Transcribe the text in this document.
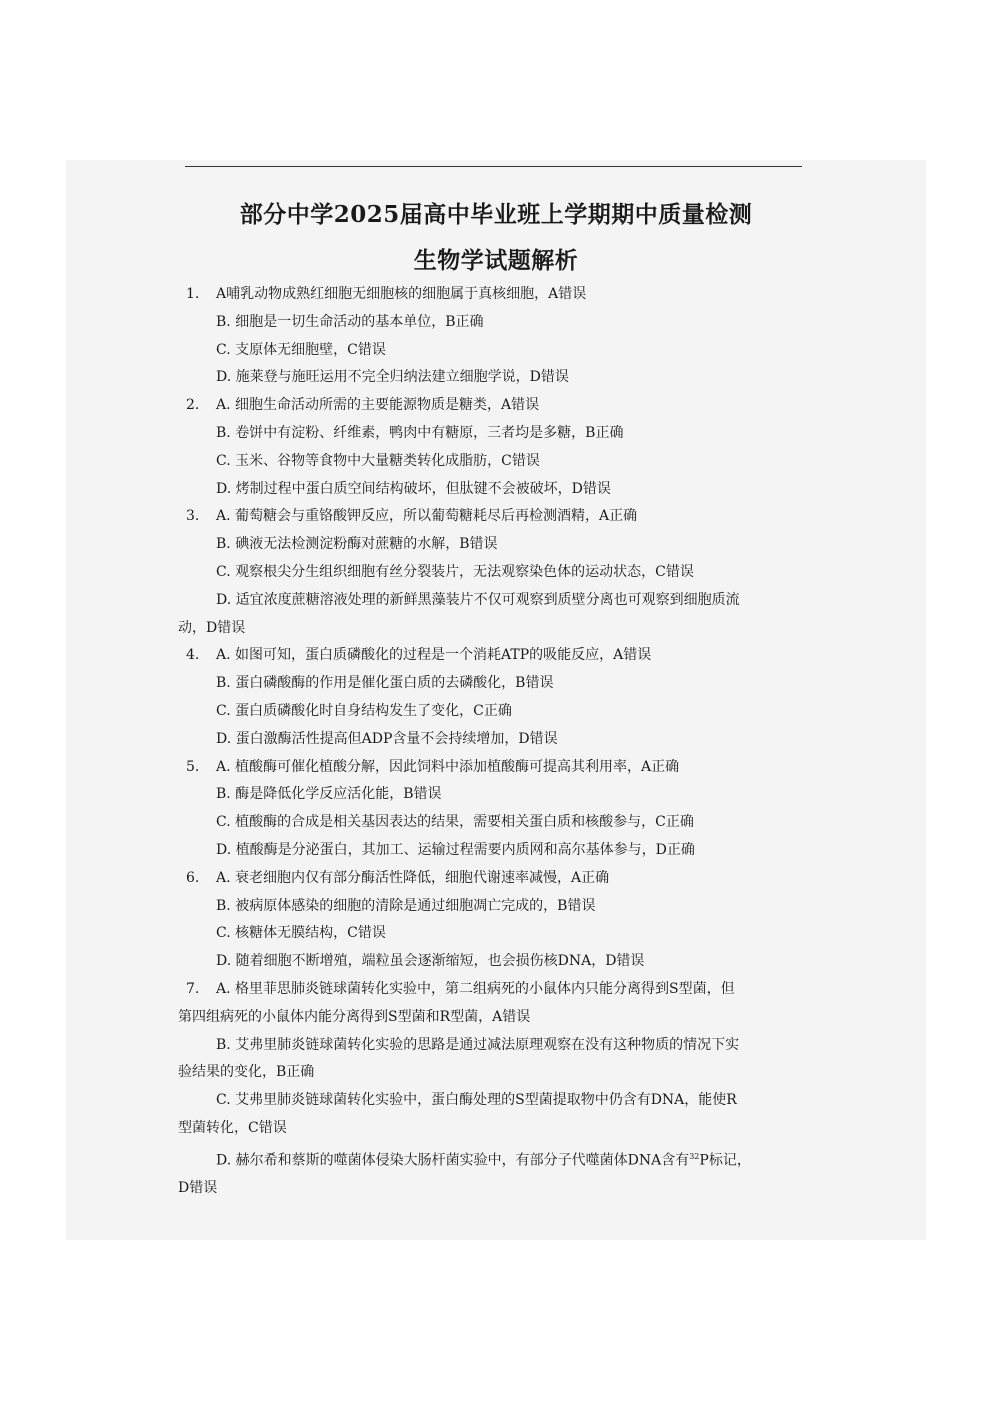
部分中学2025届高中毕业班上学期期中质量检测
生物学试题解析
1.	A哺乳动物成熟红细胞无细胞核的细胞属于真核细胞，A错误
B. 细胞是一切生命活动的基本单位，B正确
C. 支原体无细胞壁，C错误
D. 施莱登与施旺运用不完全归纳法建立细胞学说，D错误
2.	A. 细胞生命活动所需的主要能源物质是糖类，A错误
B. 卷饼中有淀粉、纤维素，鸭肉中有糖原，三者均是多糖，B正确
C. 玉米、谷物等食物中大量糖类转化成脂肪，C错误
D. 烤制过程中蛋白质空间结构破坏，但肽键不会被破坏，D错误
3.	A. 葡萄糖会与重铬酸钾反应，所以葡萄糖耗尽后再检测酒精，A正确
B. 碘液无法检测淀粉酶对蔗糖的水解，B错误
C. 观察根尖分生组织细胞有丝分裂装片，无法观察染色体的运动状态，C错误
D. 适宜浓度蔗糖溶液处理的新鲜黑藻装片不仅可观察到质壁分离也可观察到细胞质流
动，D错误
4.	A. 如图可知，蛋白质磷酸化的过程是一个消耗ATP的吸能反应，A错误
B. 蛋白磷酸酶的作用是催化蛋白质的去磷酸化，B错误
C. 蛋白质磷酸化时自身结构发生了变化，C正确
D. 蛋白激酶活性提高但ADP含量不会持续增加，D错误
5.	A. 植酸酶可催化植酸分解，因此饲料中添加植酸酶可提高其利用率，A正确
B. 酶是降低化学反应活化能，B错误
C. 植酸酶的合成是相关基因表达的结果，需要相关蛋白质和核酸参与，C正确
D. 植酸酶是分泌蛋白，其加工、运输过程需要内质网和高尔基体参与，D正确
6.	A. 衰老细胞内仅有部分酶活性降低，细胞代谢速率减慢，A正确
B. 被病原体感染的细胞的清除是通过细胞凋亡完成的，B错误
C. 核糖体无膜结构，C错误
D. 随着细胞不断增殖，端粒虽会逐渐缩短，也会损伤核DNA，D错误
7.	A. 格里菲思肺炎链球菌转化实验中，第二组病死的小鼠体内只能分离得到S型菌，但
第四组病死的小鼠体内能分离得到S型菌和R型菌，A错误
B. 艾弗里肺炎链球菌转化实验的思路是通过减法原理观察在没有这种物质的情况下实
验结果的变化，B正确
C. 艾弗里肺炎链球菌转化实验中，蛋白酶处理的S型菌提取物中仍含有DNA，能使R
型菌转化，C错误
D. 赫尔希和蔡斯的噬菌体侵染大肠杆菌实验中，有部分子代噬菌体DNA含有$^{32}$P标记，
D错误
